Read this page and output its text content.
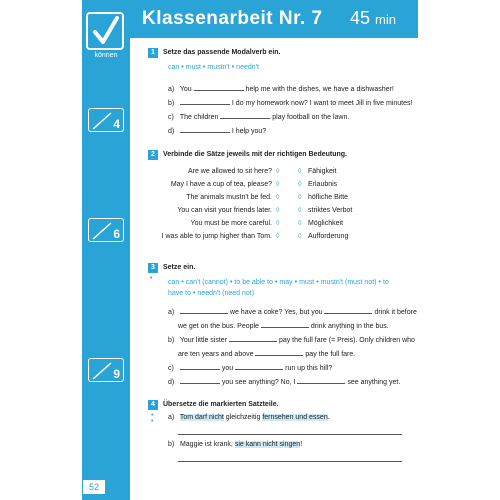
können
4
6
9
52
Klassenarbeit Nr. 7 45 min
1	Setze das passende Modalverb ein.
can • must • mustn't • needn't
a) You	help me with the dishes, we have a dishwasher!
b)	I do my homework now? I want to meet Jill in five minutes!
c) The children	play football on the lawn.
d)	I help you?
2	Verbinde die Sätze jeweils mit der richtigen Bedeutung.
Are we allowed to sit here? ◊	◊ Fähigkeit
May I have a cup of tea, please? ◊	◊ Erlaubnis
The animals mustn't be fed. ◊	◊ höfliche Bitte
You can visit your friends later. ◊	◊ striktes Verbot
You must be more careful. ◊	◊ Möglichkeit
I was able to jump higher than Tom. ◊	◊ Aufforderung
3	Setze ein.
•
can • can't (cannot) • to be able to • may • must • mustn't (must not) • to
have to • needn't (need not)
a)	we have a coke? Yes, but you	drink it before
we get on the bus. People	drink anything in the bus.
b) Your little sister	pay the full fare (= Preis). Only children who
are ten years and above	pay the full fare.
c)	you	run up this hill?
d)	you see anything? No, I	see anything yet.
4	Übersetze die markierten Satzteile.
•
•
a) Tom darf nicht gleichzeitig fernsehen und essen.
b) Maggie ist krank, sie kann nicht singen!
